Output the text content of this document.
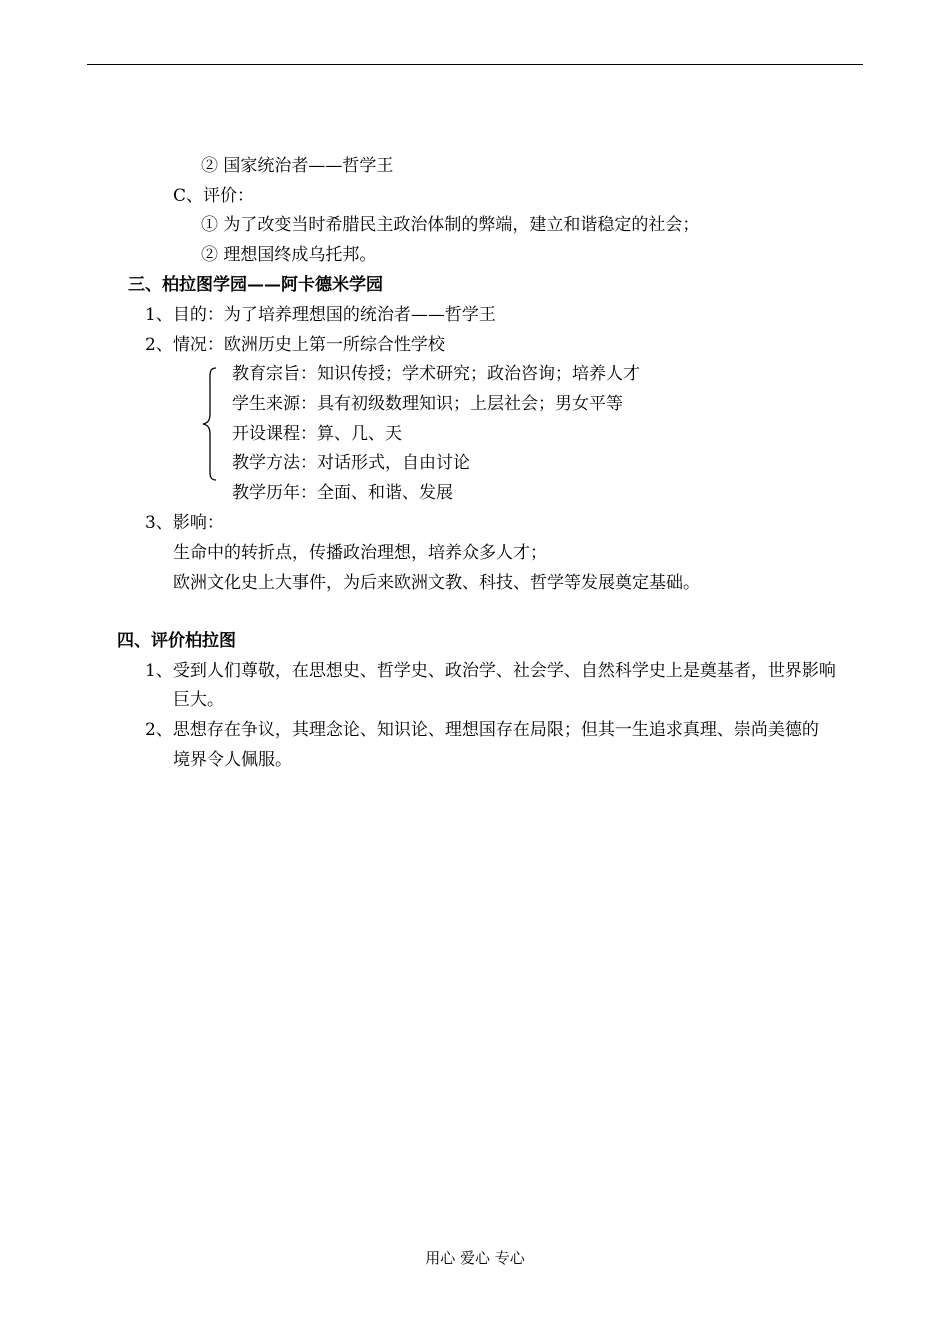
② 国家统治者——哲学王
C、评价：
① 为了改变当时希腊民主政治体制的弊端，建立和谐稳定的社会；
② 理想国终成乌托邦。
三、柏拉图学园——阿卡德米学园
1、目的：为了培养理想国的统治者——哲学王
2、情况：欧洲历史上第一所综合性学校
教育宗旨：知识传授；学术研究；政治咨询；培养人才
学生来源：具有初级数理知识；上层社会；男女平等
开设课程：算、几、天
教学方法：对话形式，自由讨论
教学历年：全面、和谐、发展
3、影响：
生命中的转折点，传播政治理想，培养众多人才；
欧洲文化史上大事件，为后来欧洲文教、科技、哲学等发展奠定基础。
四、评价柏拉图
1、受到人们尊敬，在思想史、哲学史、政治学、社会学、自然科学史上是奠基者，世界影响
巨大。
2、思想存在争议，其理念论、知识论、理想国存在局限；但其一生追求真理、崇尚美德的
境界令人佩服。
用心 爱心 专心
